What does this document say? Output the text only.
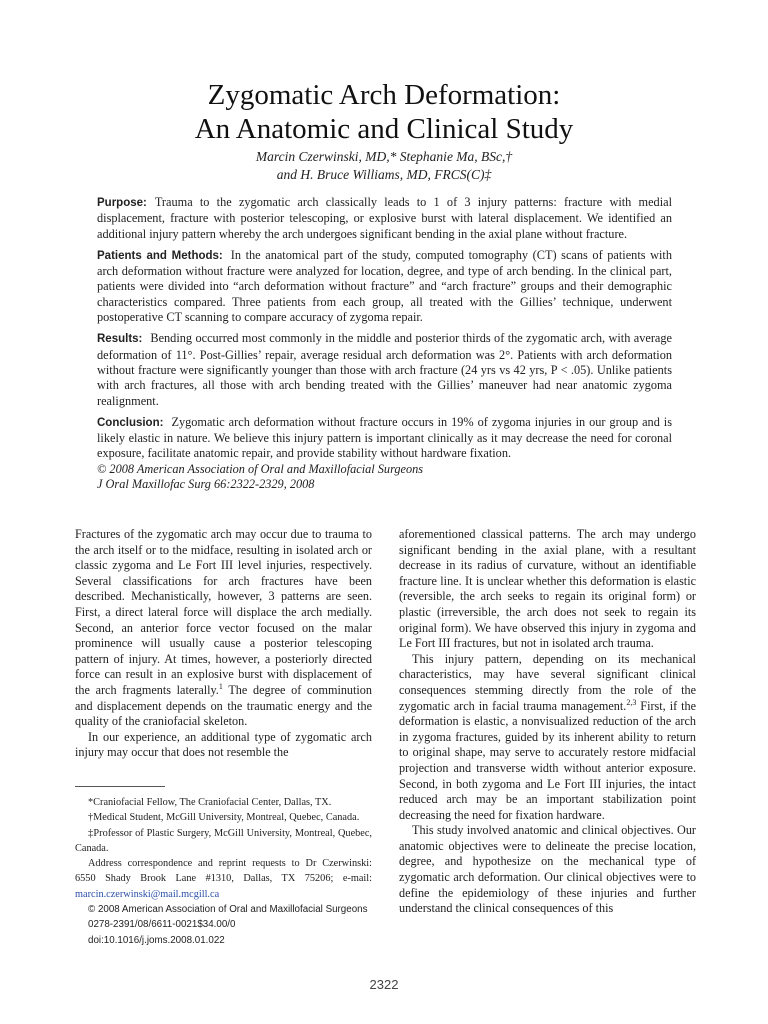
Zygomatic Arch Deformation:
An Anatomic and Clinical Study
Marcin Czerwinski, MD,* Stephanie Ma, BSc,†
and H. Bruce Williams, MD, FRCS(C)‡

Purpose: Trauma to the zygomatic arch classically leads to 1 of 3 injury patterns: fracture with medial displacement, fracture with posterior telescoping, or explosive burst with lateral displacement. We identified an additional injury pattern whereby the arch undergoes significant bending in the axial plane without fracture.

Patients and Methods: In the anatomical part of the study, computed tomography (CT) scans of patients with arch deformation without fracture were analyzed for location, degree, and type of arch bending. In the clinical part, patients were divided into “arch deformation without fracture” and “arch fracture” groups and their demographic characteristics compared. Three patients from each group, all treated with the Gillies’ technique, underwent postoperative CT scanning to compare accuracy of zygoma repair.

Results: Bending occurred most commonly in the middle and posterior thirds of the zygomatic arch, with average deformation of 11°. Post-Gillies’ repair, average residual arch deformation was 2°. Patients with arch deformation without fracture were significantly younger than those with arch fracture (24 yrs vs 42 yrs, P < .05). Unlike patients with arch fractures, all those with arch bending treated with the Gillies’ maneuver had near anatomic zygoma realignment.

Conclusion: Zygomatic arch deformation without fracture occurs in 19% of zygoma injuries in our group and is likely elastic in nature. We believe this injury pattern is important clinically as it may decrease the need for coronal exposure, facilitate anatomic repair, and provide stability without hardware fixation.

© 2008 American Association of Oral and Maxillofacial Surgeons
J Oral Maxillofac Surg 66:2322-2329, 2008

Fractures of the zygomatic arch may occur due to trauma to the arch itself or to the midface, resulting in isolated arch or classic zygoma and Le Fort III level injuries, respectively. Several classifications for arch fractures have been described. Mechanistically, however, 3 patterns are seen. First, a direct lateral force will displace the arch medially. Second, an anterior force vector focused on the malar prominence will usually cause a posterior telescoping pattern of injury. At times, however, a posteriorly directed force can result in an explosive burst with displacement of the arch fragments laterally.$^1$ The degree of comminution and displacement depends on the traumatic energy and the quality of the craniofacial skeleton.

In our experience, an additional type of zygomatic arch injury may occur that does not resemble the

*Craniofacial Fellow, The Craniofacial Center, Dallas, TX.

†Medical Student, McGill University, Montreal, Quebec, Canada.

‡Professor of Plastic Surgery, McGill University, Montreal, Quebec, Canada.

Address correspondence and reprint requests to Dr Czerwinski: 6550 Shady Brook Lane #1310, Dallas, TX 75206; e-mail: marcin.czerwinski@mail.mcgill.ca

© 2008 American Association of Oral and Maxillofacial Surgeons

0278-2391/08/6611-0021$34.00/0

doi:10.1016/j.joms.2008.01.022

aforementioned classical patterns. The arch may undergo significant bending in the axial plane, with a resultant decrease in its radius of curvature, without an identifiable fracture line. It is unclear whether this deformation is elastic (reversible, the arch seeks to regain its original form) or plastic (irreversible, the arch does not seek to regain its original form). We have observed this injury in zygoma and Le Fort III fractures, but not in isolated arch trauma.

This injury pattern, depending on its mechanical characteristics, may have several significant clinical consequences stemming directly from the role of the zygomatic arch in facial trauma management.$^{2,3}$ First, if the deformation is elastic, a nonvisualized reduction of the arch in zygoma fractures, guided by its inherent ability to return to original shape, may serve to accurately restore midfacial projection and transverse width without anterior exposure. Second, in both zygoma and Le Fort III injuries, the intact reduced arch may be an important stabilization point decreasing the need for fixation hardware.

This study involved anatomic and clinical objectives. Our anatomic objectives were to delineate the precise location, degree, and hypothesize on the mechanical type of zygomatic arch deformation. Our clinical objectives were to define the epidemiology of these injuries and further understand the clinical consequences of this

2322
